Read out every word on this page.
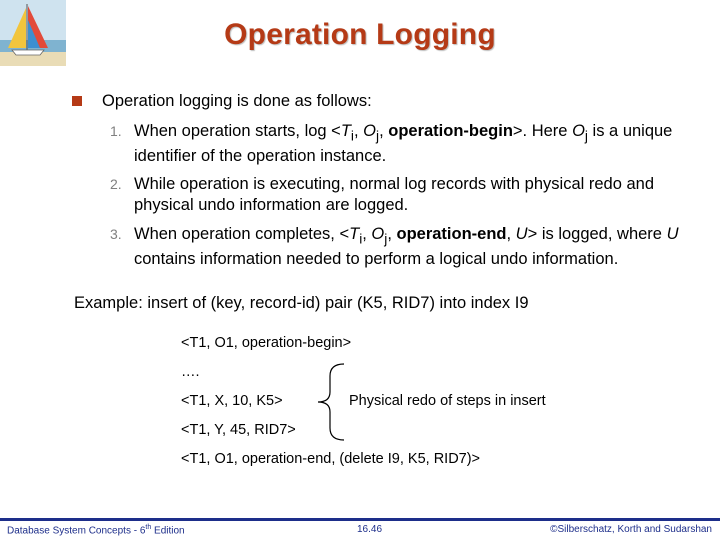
Operation Logging
Operation logging is done as follows:
1. When operation starts, $\log <T_i$, $O_j$, operation-begin>. Here $O_j$ is a unique identifier of the operation instance.
2. While operation is executing, normal log records with physical redo and physical undo information are logged.
3. When operation completes, $<T_i$, $O_j$, operation-end, U> is logged, where U contains information needed to perform a logical undo information.
Example: insert of (key, record-id) pair (K5, RID7) into index I9
<T1, O1, operation-begin>
….
<T1, X, 10, K5>
<T1, Y, 45, RID7>
<T1, O1, operation-end, (delete I9, K5, RID7)>
Physical redo of steps in insert
Database System Concepts - 6th Edition	16.46	©Silberschatz, Korth and Sudarshan
